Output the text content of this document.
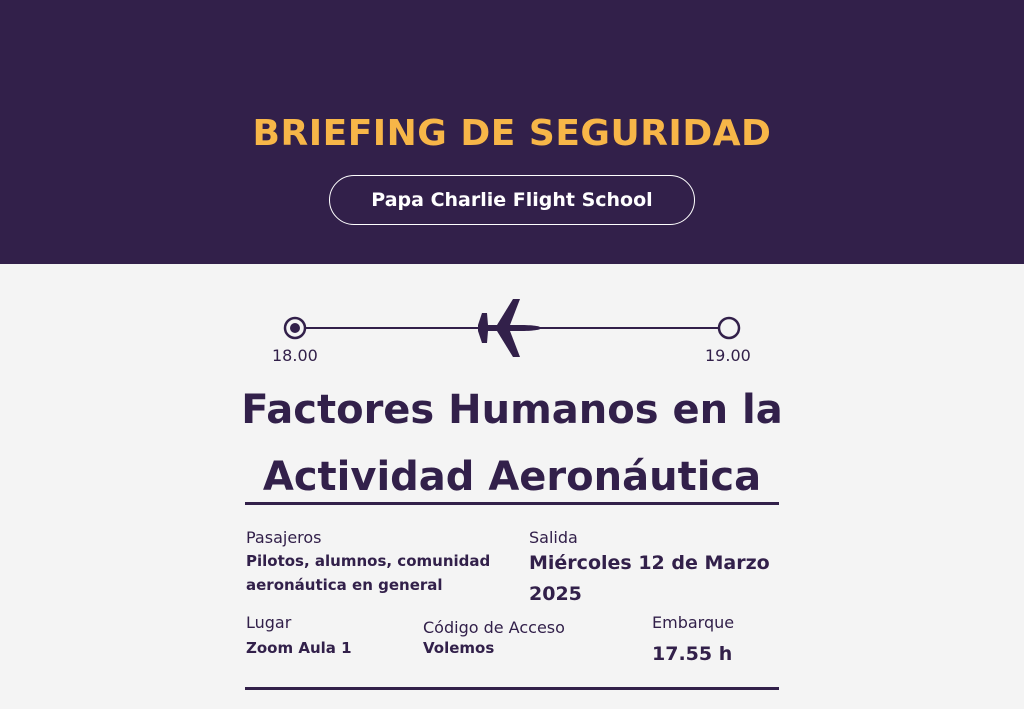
BRIEFING DE SEGURIDAD
Papa Charlie Flight School
18.00	19.00
Factores Humanos en la
Actividad Aeronáutica
Pasajeros
Pilotos, alumnos, comunidad
aeronáutica en general
Salida
Miércoles 12 de Marzo
2025
Lugar
Zoom Aula 1
Código de Acceso
Volemos
Embarque
17.55 h
